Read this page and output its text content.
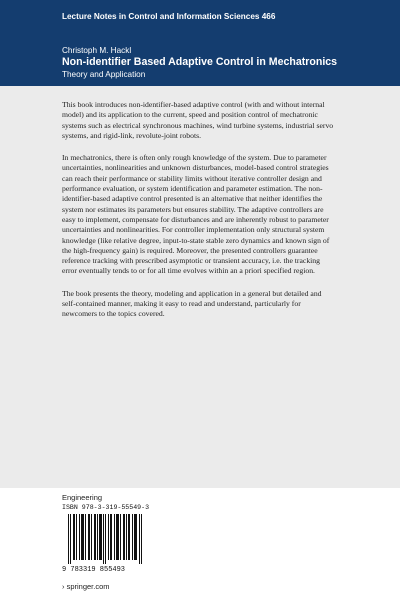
Lecture Notes in Control and Information Sciences 466
Christoph M. Hackl
Non-identifier Based Adaptive Control in Mechatronics
Theory and Application

This book introduces non-identifier-based adaptive control (with and without internal model) and its application to the current, speed and position control of mechatronic systems such as electrical synchronous machines, wind turbine systems, industrial servo systems, and rigid-link, revolute-joint robots.

In mechatronics, there is often only rough knowledge of the system. Due to parameter uncertainties, nonlinearities and unknown disturbances, model-based control strategies can reach their performance or stability limits without iterative controller design and performance evaluation, or system identification and parameter estimation. The non-identifier-based adaptive control presented is an alternative that neither identifies the system nor estimates its parameters but ensures stability. The adaptive controllers are easy to implement, compensate for disturbances and are inherently robust to parameter uncertainties and nonlinearities. For controller implementation only structural system knowledge (like relative degree, input-to-state stable zero dynamics and known sign of the high-frequency gain) is required. Moreover, the presented controllers guarantee reference tracking with prescribed asymptotic or transient accuracy, i.e. the tracking error eventually tends to or for all time evolves within an a priori specified region.

The book presents the theory, modeling and application in a general but detailed and self-contained manner, making it easy to read and understand, particularly for newcomers to the topics covered.

Engineering
ISBN 978-3-319-55549-3
9 783319 855493
› springer.com
